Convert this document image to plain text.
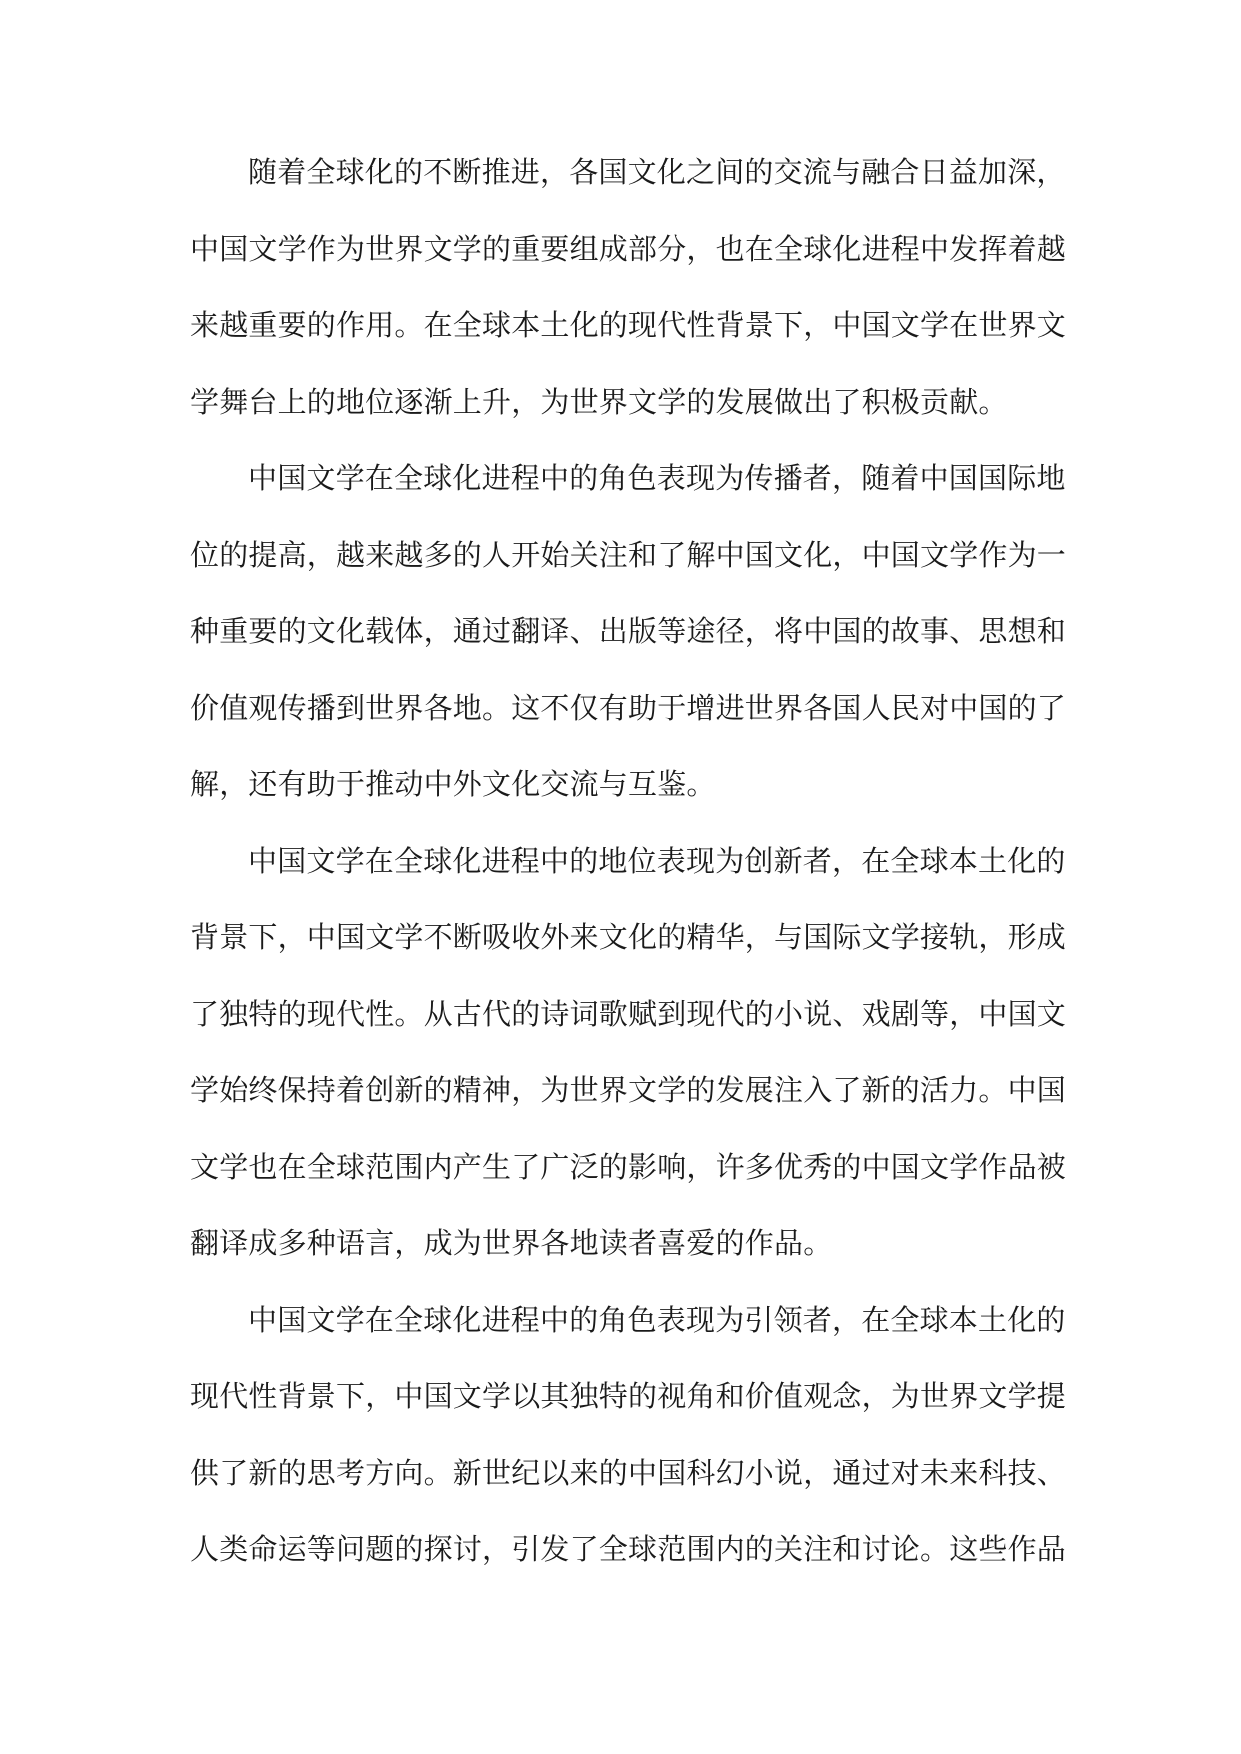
随着全球化的不断推进，各国文化之间的交流与融合日益加深，
中国文学作为世界文学的重要组成部分，也在全球化进程中发挥着越
来越重要的作用。在全球本土化的现代性背景下，中国文学在世界文
学舞台上的地位逐渐上升，为世界文学的发展做出了积极贡献。
中国文学在全球化进程中的角色表现为传播者，随着中国国际地
位的提高，越来越多的人开始关注和了解中国文化，中国文学作为一
种重要的文化载体，通过翻译、出版等途径，将中国的故事、思想和
价值观传播到世界各地。这不仅有助于增进世界各国人民对中国的了
解，还有助于推动中外文化交流与互鉴。
中国文学在全球化进程中的地位表现为创新者，在全球本土化的
背景下，中国文学不断吸收外来文化的精华，与国际文学接轨，形成
了独特的现代性。从古代的诗词歌赋到现代的小说、戏剧等，中国文
学始终保持着创新的精神，为世界文学的发展注入了新的活力。中国
文学也在全球范围内产生了广泛的影响，许多优秀的中国文学作品被
翻译成多种语言，成为世界各地读者喜爱的作品。
中国文学在全球化进程中的角色表现为引领者，在全球本土化的
现代性背景下，中国文学以其独特的视角和价值观念，为世界文学提
供了新的思考方向。新世纪以来的中国科幻小说，通过对未来科技、
人类命运等问题的探讨，引发了全球范围内的关注和讨论。这些作品
